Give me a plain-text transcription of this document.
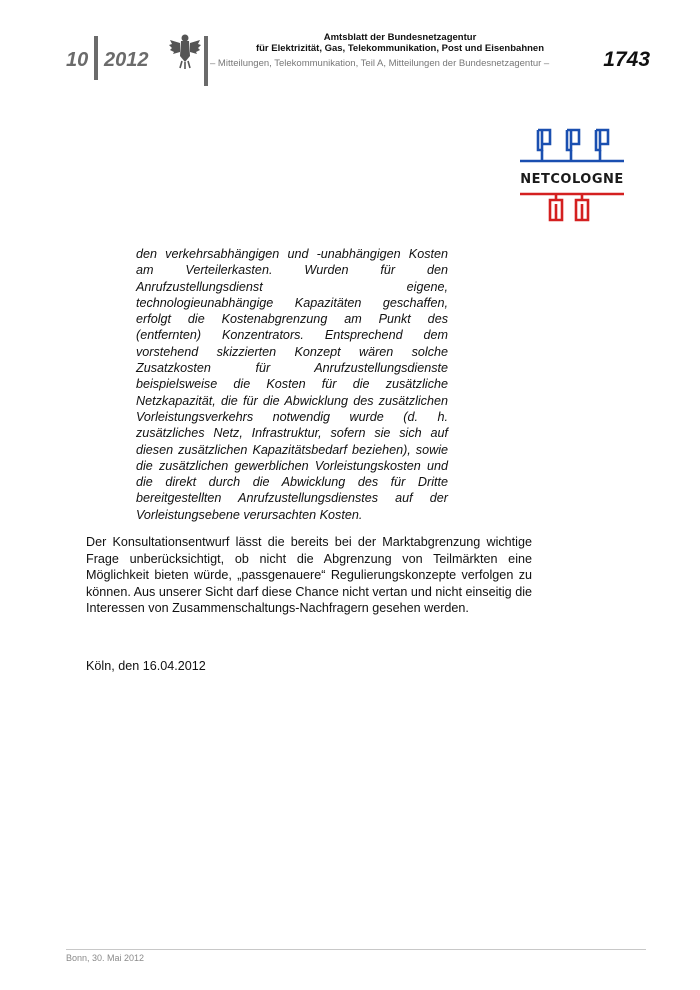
10 2012
Amtsblatt der Bundesnetzagentur
für Elektrizität, Gas, Telekommunikation, Post und Eisenbahnen
– Mitteilungen, Telekommunikation, Teil A, Mitteilungen der Bundesnetzagentur –	1743
NETCOLOGNE

den verkehrsabhängigen und -unabhängigen Kosten am Verteilerkasten. Wurden für den Anrufzustellungsdienst eigene, technologieunabhängige Kapazitäten geschaffen, erfolgt die Kostenabgrenzung am Punkt des (entfernten) Konzentrators. Entsprechend dem vorstehend skizzierten Konzept wären solche Zusatzkosten für Anrufzustellungsdienste beispielsweise die Kosten für die zusätzliche Netzkapazität, die für die Abwicklung des zusätzlichen Vorleistungsverkehrs notwendig wurde (d. h. zusätzliches Netz, Infrastruktur, sofern sie sich auf diesen zusätzlichen Kapazitätsbedarf beziehen), sowie die zusätzlichen gewerblichen Vorleistungskosten und die direkt durch die Abwicklung des für Dritte bereitgestellten Anrufzustellungsdienstes auf der Vorleistungsebene verursachten Kosten.

Der Konsultationsentwurf lässt die bereits bei der Marktabgrenzung wichtige Frage unberücksichtigt, ob nicht die Abgrenzung von Teilmärkten eine Möglichkeit bieten würde, „passgenauere“ Regulierungskonzepte verfolgen zu können. Aus unserer Sicht darf diese Chance nicht vertan und nicht einseitig die Interessen von Zusammenschaltungs-Nachfragern gesehen werden.

Köln, den 16.04.2012

Bonn, 30. Mai 2012
